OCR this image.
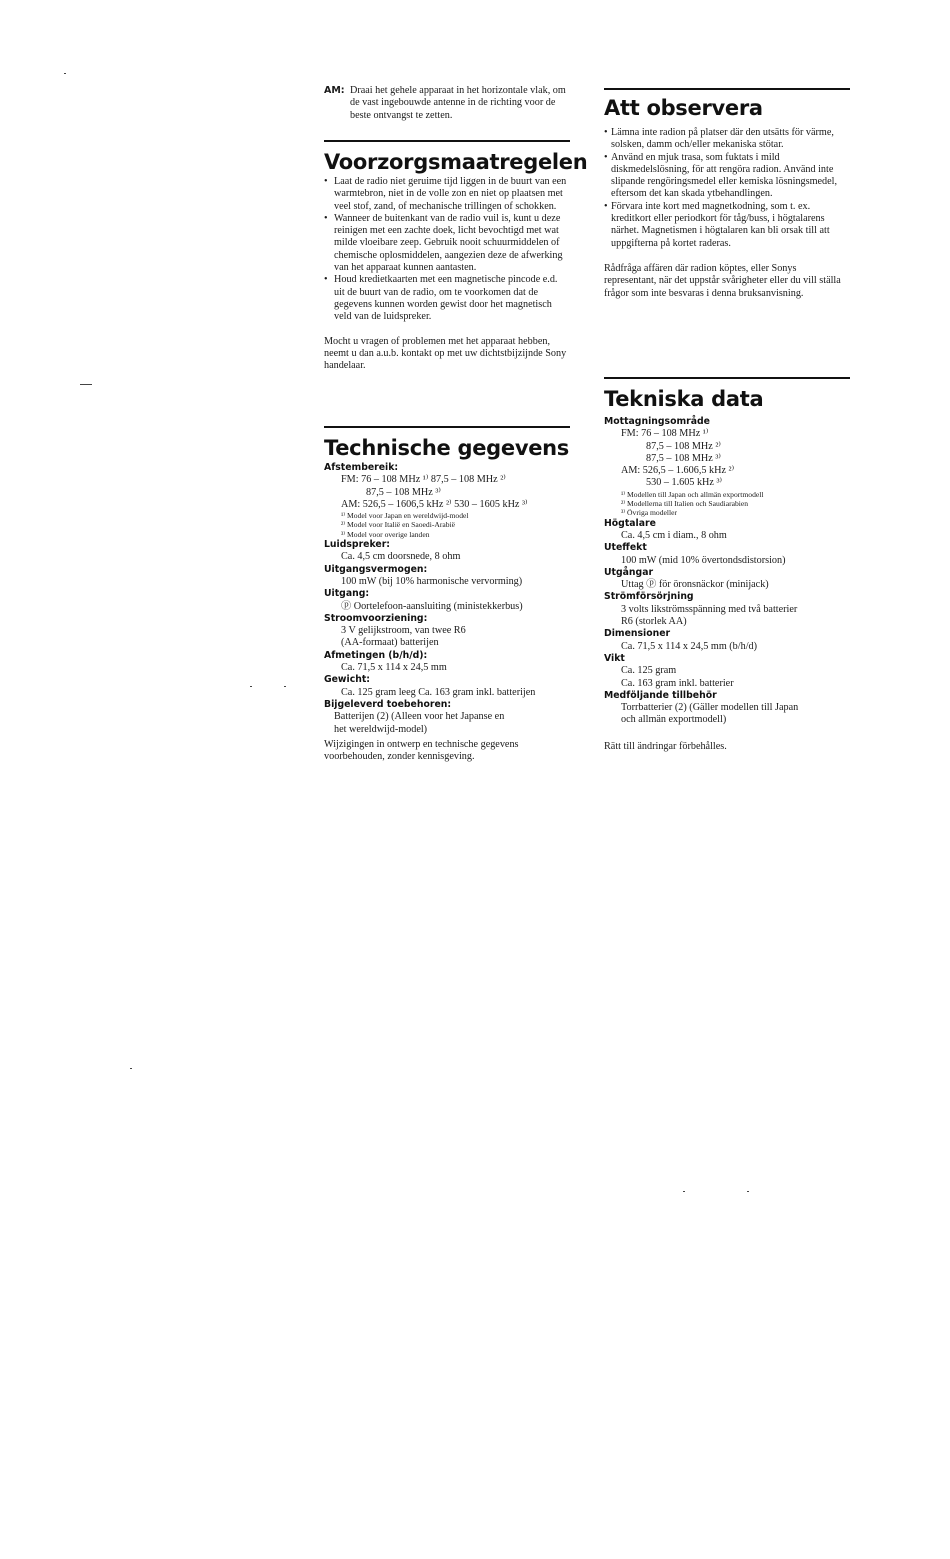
AM: Draai het gehele apparaat in het horizontale vlak, om de vast ingebouwde antenne in de richting voor de beste ontvangst te zetten.
Voorzorgsmaatregelen
• Laat de radio niet geruime tijd liggen in de buurt van een warmtebron, niet in de volle zon en niet op plaatsen met veel stof, zand, of mechanische trillingen of schokken.
• Wanneer de buitenkant van de radio vuil is, kunt u deze reinigen met een zachte doek, licht bevochtigd met wat milde vloeibare zeep. Gebruik nooit schuurmiddelen of chemische oplosmiddelen, aangezien deze de afwerking van het apparaat kunnen aantasten.
• Houd kredietkaarten met een magnetische pincode e.d. uit de buurt van de radio, om te voorkomen dat de gegevens kunnen worden gewist door het magnetisch veld van de luidspreker.

Mocht u vragen of problemen met het apparaat hebben, neemt u dan a.u.b. kontakt op met uw dichtstbijzijnde Sony handelaar.

Technische gegevens
Afstembereik:
FM: 76 – 108 MHz ¹⁾ 87,5 – 108 MHz ²⁾
87,5 – 108 MHz ³⁾
AM: 526,5 – 1606,5 kHz ²⁾ 530 – 1605 kHz ³⁾
¹⁾ Model voor Japan en wereldwijd-model
²⁾ Model voor Italië en Saoedi-Arabië
³⁾ Model voor overige landen
Luidspreker:
Ca. 4,5 cm doorsnede, 8 ohm
Uitgangsvermogen:
100 mW (bij 10% harmonische vervorming)
Uitgang:
ⓟ Oortelefoon-aansluiting (ministekkerbus)
Stroomvoorziening:
3 V gelijkstroom, van twee R6
(AA-formaat) batterijen
Afmetingen (b/h/d):
Ca. 71,5 x 114 x 24,5 mm
Gewicht:
Ca. 125 gram leeg Ca. 163 gram inkl. batterijen
Bijgeleverd toebehoren:
Batterijen (2) (Alleen voor het Japanse en
het wereldwijd-model)

Wijzigingen in ontwerp en technische gegevens voorbehouden, zonder kennisgeving.

Att observera
• Lämna inte radion på platser där den utsätts för värme, solsken, damm och/eller mekaniska stötar.
• Använd en mjuk trasa, som fuktats i mild diskmedelslösning, för att rengöra radion. Använd inte slipande rengöringsmedel eller kemiska lösningsmedel, eftersom det kan skada ytbehandlingen.
• Förvara inte kort med magnetkodning, som t. ex. kreditkort eller periodkort för tåg/buss, i högtalarens närhet. Magnetismen i högtalaren kan bli orsak till att uppgifterna på kortet raderas.

Rådfråga affären där radion köptes, eller Sonys representant, när det uppstår svårigheter eller du vill ställa frågor som inte besvaras i denna bruksanvisning.

Tekniska data
Mottagningsområde
FM: 76 – 108 MHz ¹⁾
87,5 – 108 MHz ²⁾
87,5 – 108 MHz ³⁾
AM: 526,5 – 1.606,5 kHz ²⁾
530 – 1.605 kHz ³⁾
¹⁾ Modellen till Japan och allmän exportmodell
²⁾ Modellerna till Italien och Saudiarabien
³⁾ Övriga modeller
Högtalare
Ca. 4,5 cm i diam., 8 ohm
Uteffekt
100 mW (mid 10% övertondsdistorsion)
Utgångar
Uttag ⓟ för öronsnäckor (minijack)
Strömförsörjning
3 volts likströmsspänning med två batterier
R6 (storlek AA)
Dimensioner
Ca. 71,5 x 114 x 24,5 mm (b/h/d)
Vikt
Ca. 125 gram
Ca. 163 gram inkl. batterier
Medföljande tillbehör
Torrbatterier (2) (Gäller modellen till Japan
och allmän exportmodell)

Rätt till ändringar förbehålles.
